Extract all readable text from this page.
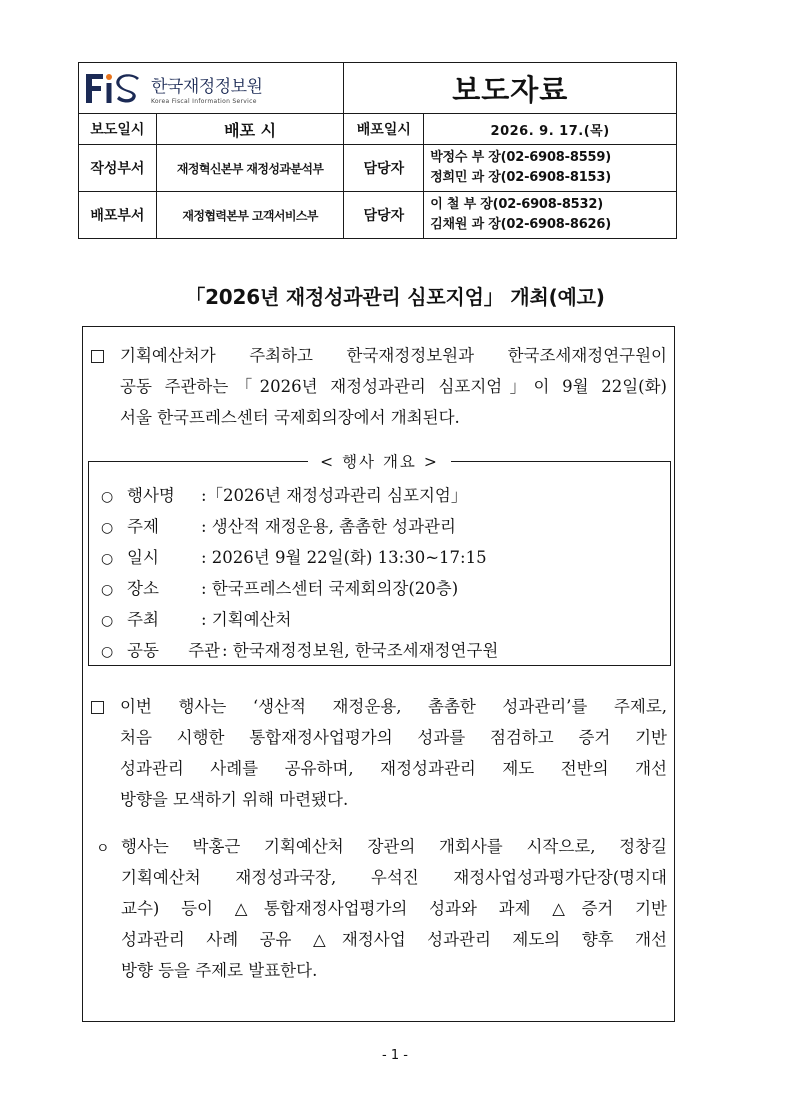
한국재정정보원
Korea Fiscal Information Service		보도자료	
보도일시	배포 시	배포일시	2026. 9. 17.(목)
작성부서	재정혁신본부 재정성과분석부	담당자	박정수 부 장(02-6908-8559)
정희민 과 장(02-6908-8153)

배포부서	재정협력본부 고객서비스부	담당자	이 철 부 장(02-6908-8532)
김채원 과 장(02-6908-8626)
「2026년 재정성과관리 심포지엄」 개최(예고)
기획예산처가 주최하고 한국재정정보원과 한국조세재정연구원이
공동 주관하는「2026년 재정성과관리 심포지엄」이 9월 22일(화)
서울 한국프레스센터 국제회의장에서 개최된다.
< 행사 개요 >
○ 행사명 :「2026년 재정성과관리 심포지엄」
○ 주제	: 생산적 재정운용, 촘촘한 성과관리
○ 일시	: 2026년 9월 22일(화) 13:30~17:15
○ 장소	: 한국프레스센터 국제회의장(20층)
○ 주최	: 기획예산처
○ 공동 주관 : 한국재정정보원, 한국조세재정연구원
이번 행사는 ‘생산적 재정운용, 촘촘한 성과관리’를 주제로,
처음 시행한 통합재정사업평가의 성과를 점검하고 증거 기반
성과관리 사례를 공유하며, 재정성과관리 제도 전반의 개선
방향을 모색하기 위해 마련됐다.
ㅇ 행사는 박홍근 기획예산처 장관의 개회사를 시작으로, 정창길
기획예산처 재정성과국장, 우석진 재정사업성과평가단장(명지대
교수) 등이 △통합재정사업평가의 성과와 과제 △증거 기반
성과관리 사례 공유 △재정사업 성과관리 제도의 향후 개선
방향 등을 주제로 발표한다.
- 1 -
